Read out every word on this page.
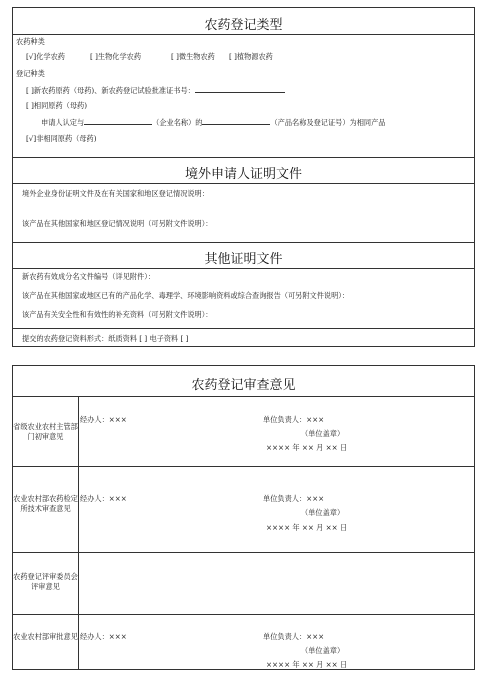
农药登记类型
农药种类
[√]化学农药	[ ]生物化学农药	[ ]微生物农药 [ ]植物源农药
登记种类
[ ]新农药原药（母药)、新农药登记试验批准证书号：
[ ]相同原药（母药)
申请人认定与	（企业名称）的	（产品名称及登记证号）为相同产品
[√]非相同原药（母药)
境外申请人证明文件
境外企业身份证明文件及在有关国家和地区登记情况说明：
该产品在其他国家和地区登记情况说明（可另附文件说明）：
其他证明文件
新农药有效成分名文件编号（详见附件）：
该产品在其他国家或地区已有的产品化学、毒理学、环境影响资料或综合查询报告（可另附文件说明）：
该产品有关安全性和有效性的补充资料（可另附文件说明）：
提交的农药登记资料形式：纸质资料 [ ] 电子资料 [ ]
农药登记审查意见
省级农业农村主管部门初审意见
经办人：×××	单位负责人：×××
（单位盖章）
×××× 年 ×× 月 ×× 日
农业农村部农药检定所技术审查意见
经办人：×××	单位负责人：×××
（单位盖章）
×××× 年 ×× 月 ×× 日
农药登记评审委员会评审意见
农业农村部审批意见 经办人：×××	单位负责人：×××
（单位盖章）
×××× 年 ×× 月 ×× 日
